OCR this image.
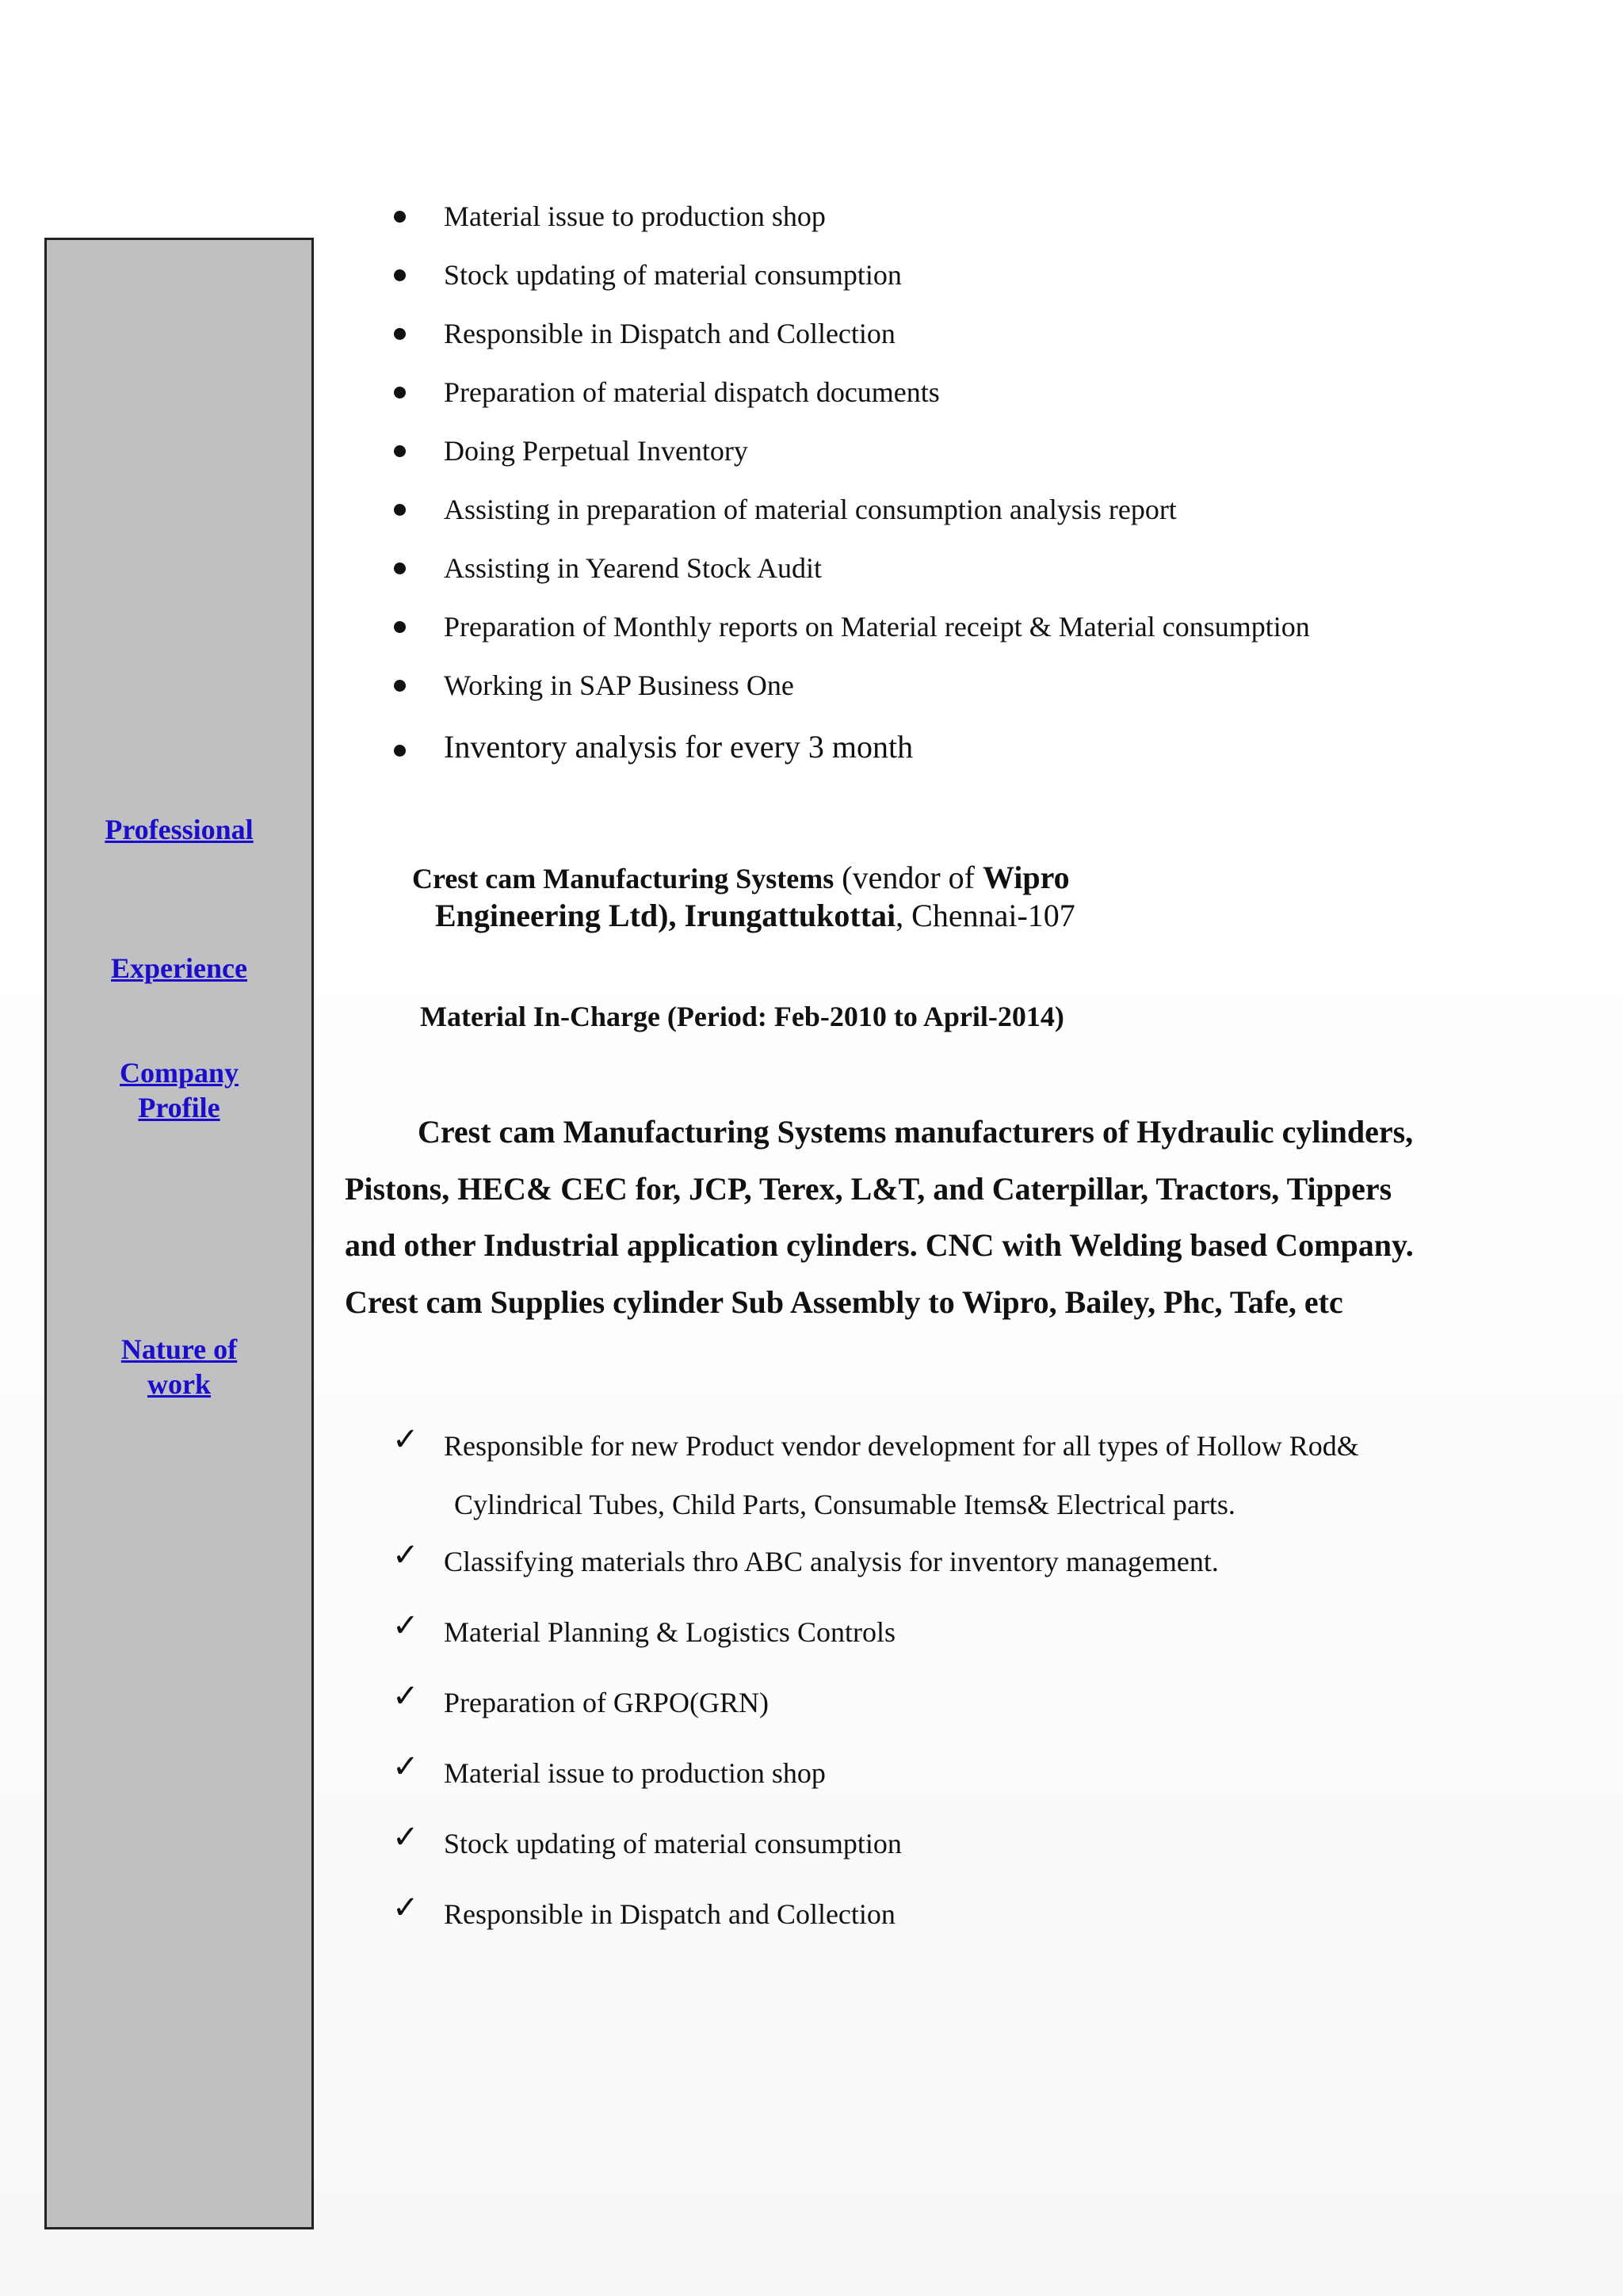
Professional
Experience
Company
Profile
Nature of
work
Material issue to production shop
Stock updating of material consumption
Responsible in Dispatch and Collection
Preparation of material dispatch documents
Doing Perpetual Inventory
Assisting in preparation of material consumption analysis report
Assisting in Yearend Stock Audit
Preparation of Monthly reports on Material receipt & Material consumption
Working in SAP Business One
Inventory analysis for every 3 month
Crest cam Manufacturing Systems (vendor of Wipro
Engineering Ltd), Irungattukottai, Chennai-107
Material In-Charge (Period: Feb-2010 to April-2014)
Crest cam Manufacturing Systems manufacturers of Hydraulic cylinders,
Pistons, HEC& CEC for, JCP, Terex, L&T, and Caterpillar, Tractors, Tippers
and other Industrial application cylinders. CNC with Welding based Company.
Crest cam Supplies cylinder Sub Assembly to Wipro, Bailey, Phc, Tafe, etc
✓ Responsible for new Product vendor development for all types of Hollow Rod&
Cylindrical Tubes, Child Parts, Consumable Items& Electrical parts.
✓ Classifying materials thro ABC analysis for inventory management.
✓ Material Planning & Logistics Controls
✓ Preparation of GRPO(GRN)
✓ Material issue to production shop
✓ Stock updating of material consumption
✓ Responsible in Dispatch and Collection
